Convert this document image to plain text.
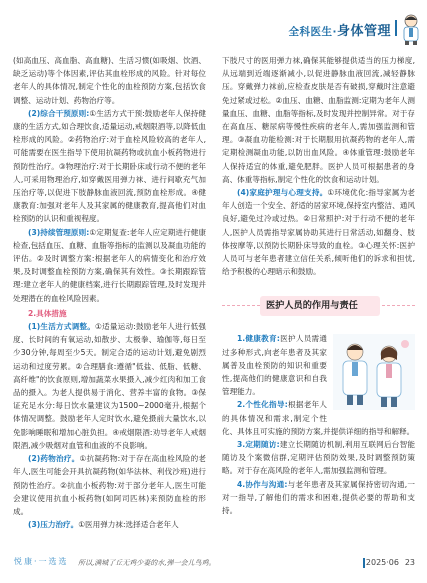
全科医生·身体管理

(如高血压、高血脂、高血糖)、生活习惯(如吸烟、饮酒、缺乏运动)等个体因素,评估其血栓形成的风险。针对每位老年人的具体情况,制定个性化的血栓预防方案,包括饮食调整、运动计划、药物治疗等。

(2)综合干预原则:①生活方式干预:鼓励老年人保持健康的生活方式,如合理饮食,适量运动,戒烟限酒等,以降低血栓形成的风险。②药物治疗:对于血栓风险较高的老年人,可能需要在医生指导下使用抗凝药物或抗血小板药物进行预防性治疗。③物理治疗:对于长期卧床或行动不便的老年人,可采用物理治疗,如穿戴医用弹力袜、进行间歇充气加压治疗等,以促进下肢静脉血液回流,预防血栓形成。④健康教育:加强对老年人及其家属的健康教育,提高他们对血栓预防的认识和重视程度。

(3)持续管理原则:①定期复查:老年人应定期进行健康检查,包括血压、血糖、血脂等指标的监测以及凝血功能的评估。②及时调整方案:根据老年人的病情变化和治疗效果,及时调整血栓预防方案,确保其有效性。③长期跟踪管理:建立老年人的健康档案,进行长期跟踪管理,及时发现并处理潜在的血栓风险因素。

2.具体措施

(1)生活方式调整。①适量运动:鼓励老年人进行低强度、长时间的有氧运动,如散步、太极拳、瑜伽等,每日至少30分钟,每周至少5天。制定合适的运动计划,避免剧烈运动和过度劳累。②合理膳食:遵循"低盐、低脂、低糖、高纤维"的饮食原则,增加蔬菜水果摄入,减少红肉和加工食品的摄入。为老人提供易于消化、营养丰富的食物。③保证充足水分:每日饮水量建议为1500~2000毫升,根据个体情况调整。鼓励老年人定时饮水,避免摄前大量饮水,以免影响睡眠和增加心脏负担。④戒烟限酒:劝导老年人戒烟限酒,减少吸烟对血管和血液的不良影响。

(2)药物治疗。①抗凝药物:对于存在高血栓风险的老年人,医生可能会开具抗凝药物(如华法林、利伐沙班)进行预防性治疗。②抗血小板药物:对于部分老年人,医生可能会建议使用抗血小板药物(如阿司匹林)来预防血栓的形成。

(3)压力治疗。①医用弹力袜:选择适合老年人

下肢尺寸的医用弹力袜,确保其能够提供适当的压力梯度,从远端到近端逐渐减小,以促进静脉血液回流,减轻静脉压。穿戴弹力袜前,应检查皮肤是否有破损,穿戴时注意避免过紧或过松。②血压、血糖、血脂监测:定期为老年人测量血压、血糖、血脂等指标,及时发现并控制异常。对于存在高血压、糖尿病等慢性疾病的老年人,需加强监测和管理。③凝血功能检测:对于长期服用抗凝药物的老年人,需定期检测凝血功能,以防出血风险。④体重管理:鼓励老年人保持适宜的体重,避免肥胖。医护人员可根据患者的身高、体重等指标,制定个性化的饮食和运动计划。

(4)家庭护理与心理支持。①环境优化:指导家属为老年人创造一个安全、舒适的居家环境,保持室内整洁、通风良好,避免过冷或过热。②日常照护:对于行动不便的老年人,医护人员需指导家属协助其进行日常活动,如翻身、肢体按摩等,以预防长期卧床导致的血栓。③心理关怀:医护人员可与老年患者建立信任关系,倾听他们的诉求和担忧,给予积极的心理暗示和鼓励。

医护人员的作用与责任

1.健康教育:医护人员需通过多种形式,向老年患者及其家属普及血栓预防的知识和重要性,提高他们的健康意识和自我管理能力。

2.个性化指导:根据老年人的具体情况和需求,制定个性化、具体且可实施的预防方案,并提供详细的指导和解释。

3.定期随访:建立长期随访机制,利用互联网后台智能随访及个案微信群,定期评估预防效果,及时调整预防策略。对于存在高风险的老年人,需加强监测和管理。

4.协作与沟通:与老年患者及其家属保持密切沟通,一对一指导,了解他们的需求和困难,提供必要的帮助和支持。

悦康·一选选 所以,满城了丘无鸡少妻的水,弹一会儿鸟鸡。	2025·06 23
